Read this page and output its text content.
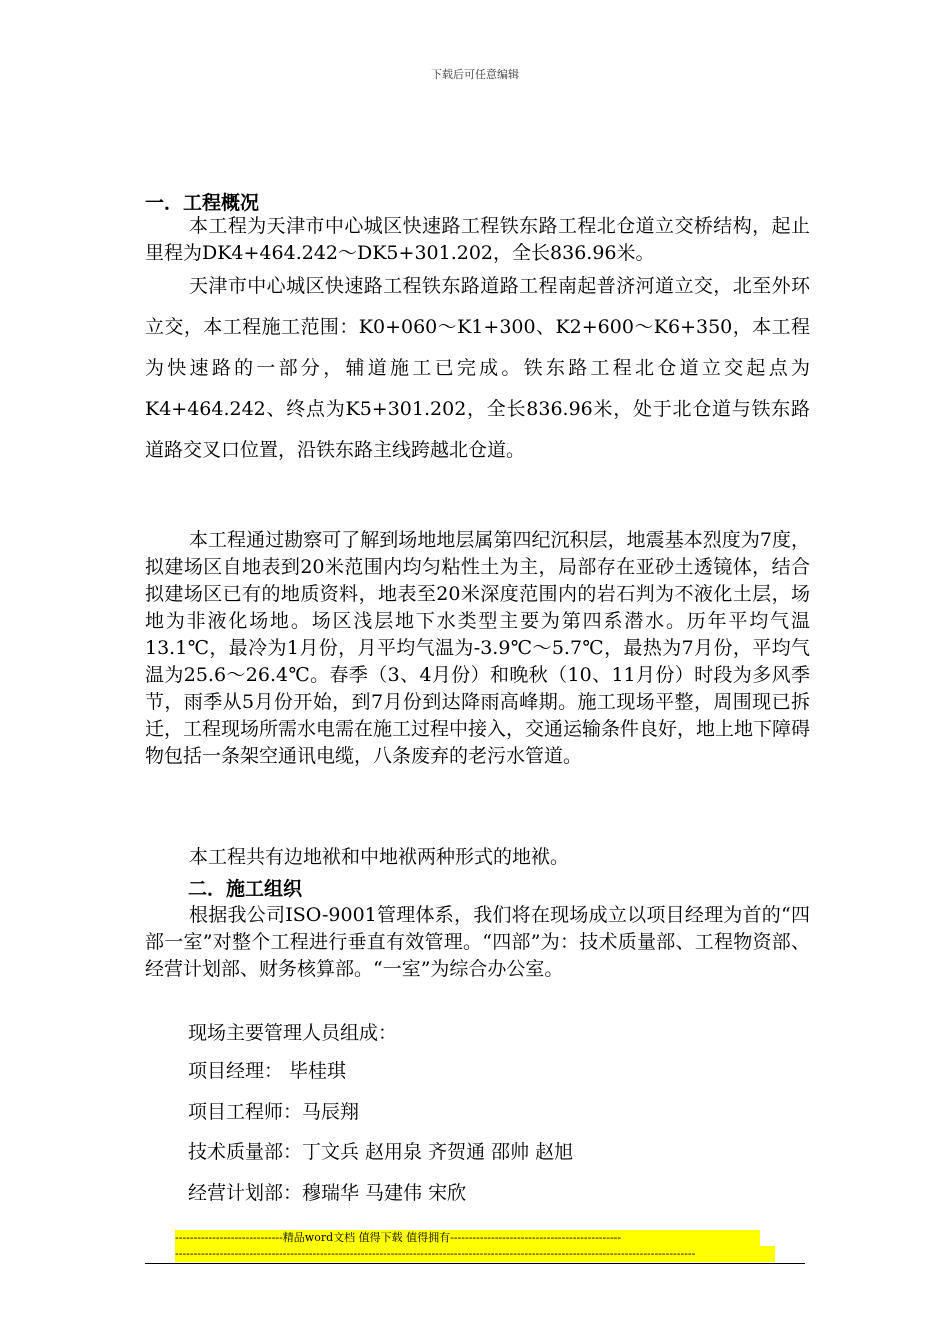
下载后可任意编辑
一．工程概况
本工程为天津市中心城区快速路工程铁东路工程北仓道立交桥结构，起止里程为DK4+464.242～DK5+301.202，全长836.96米。
天津市中心城区快速路工程铁东路道路工程南起普济河道立交，北至外环立交，本工程施工范围：K0+060～K1+300、K2+600～K6+350，本工程为快速路的一部分，辅道施工已完成。铁东路工程北仓道立交起点为K4+464.242、终点为K5+301.202，全长836.96米，处于北仓道与铁东路道路交叉口位置，沿铁东路主线跨越北仓道。
本工程通过勘察可了解到场地地层属第四纪沉积层，地震基本烈度为7度，拟建场区自地表到20米范围内均匀粘性土为主，局部存在亚砂土透镜体，结合拟建场区已有的地质资料，地表至20米深度范围内的岩石判为不液化土层，场地为非液化场地。场区浅层地下水类型主要为第四系潜水。历年平均气温13.1℃，最冷为1月份，月平均气温为-3.9℃～5.7℃，最热为7月份，平均气温为25.6～26.4℃。春季（3、4月份）和晚秋（10、11月份）时段为多风季节，雨季从5月份开始，到7月份到达降雨高峰期。施工现场平整，周围现已拆迁，工程现场所需水电需在施工过程中接入，交通运输条件良好，地上地下障碍物包括一条架空通讯电缆，八条废弃的老污水管道。
本工程共有边地袱和中地袱两种形式的地袱。
二．施工组织
根据我公司ISO-9001管理体系，我们将在现场成立以项目经理为首的“四部一室”对整个工程进行垂直有效管理。“四部”为：技术质量部、工程物资部、经营计划部、财务核算部。“一室”为综合办公室。
现场主要管理人员组成：
项目经理： 毕桂琪
项目工程师：马辰翔
技术质量部：丁文兵 赵用泉 齐贺通 邵帅 赵旭
经营计划部：穆瑞华 马建伟 宋欣
-----------------------------精品word文档 值得下载 值得拥有----------------------------------------------
--------------------------------------------------------------------------------------------------------------------------------------------
